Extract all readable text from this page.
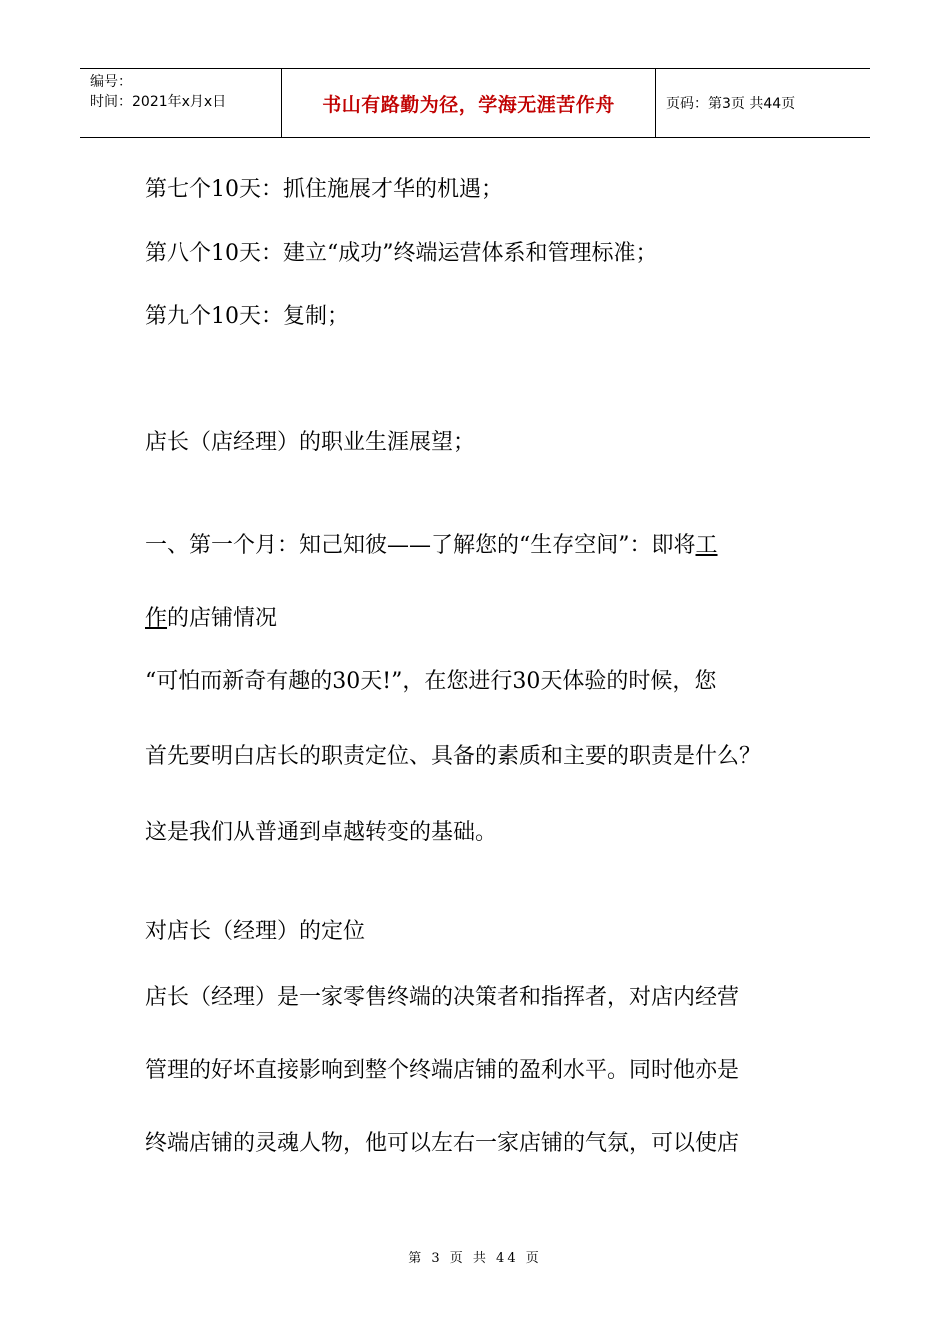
编号：
时间：2021年x月x日	书山有路勤为径，学海无涯苦作舟	页码：第3页 共44页
第七个10天：抓住施展才华的机遇；
第八个10天：建立“成功”终端运营体系和管理标准；
第九个10天：复制；
店长（店经理）的职业生涯展望；
一、第一个月：知己知彼——了解您的“生存空间”：即将工
作的店铺情况
“可怕而新奇有趣的30天!”，在您进行30天体验的时候，您
首先要明白店长的职责定位、具备的素质和主要的职责是什么？
这是我们从普通到卓越转变的基础。
对店长（经理）的定位
店长（经理）是一家零售终端的决策者和指挥者，对店内经营
管理的好坏直接影响到整个终端店铺的盈利水平。同时他亦是
终端店铺的灵魂人物，他可以左右一家店铺的气氛，可以使店
第 3 页 共 44 页
